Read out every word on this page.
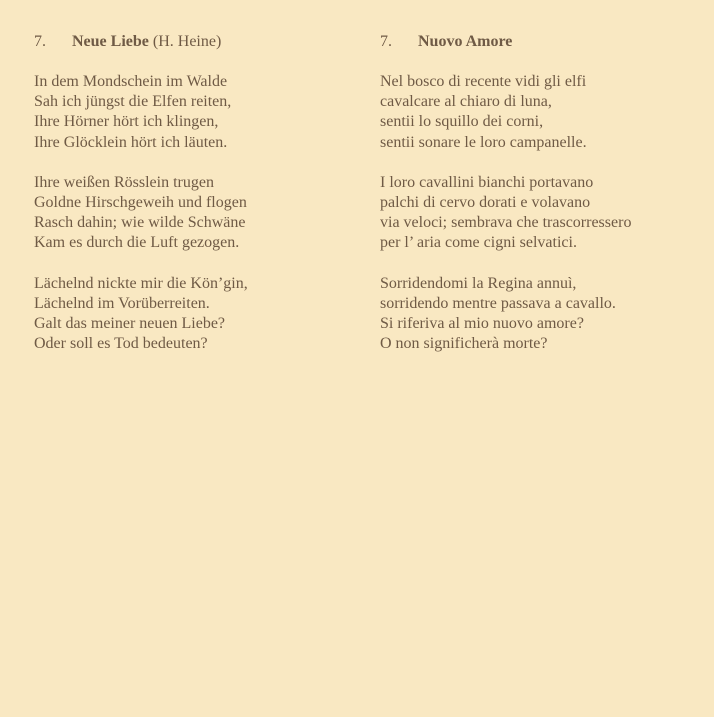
7. Neue Liebe (H. Heine)
In dem Mondschein im Walde
Sah ich jüngst die Elfen reiten,
Ihre Hörner hört ich klingen,
Ihre Glöcklein hört ich läuten.
Ihre weißen Rösslein trugen
Goldne Hirschgeweih und flogen
Rasch dahin; wie wilde Schwäne
Kam es durch die Luft gezogen.
Lächelnd nickte mir die Kön’gin,
Lächelnd im Vorüberreiten.
Galt das meiner neuen Liebe?
Oder soll es Tod bedeuten?
7. Nuovo Amore
Nel bosco di recente vidi gli elfi
cavalcare al chiaro di luna,
sentii lo squillo dei corni,
sentii sonare le loro campanelle.
I loro cavallini bianchi portavano
palchi di cervo dorati e volavano
via veloci; sembrava che trascorressero
per l’ aria come cigni selvatici.
Sorridendomi la Regina annuì,
sorridendo mentre passava a cavallo.
Si riferiva al mio nuovo amore?
O non significherà morte?
